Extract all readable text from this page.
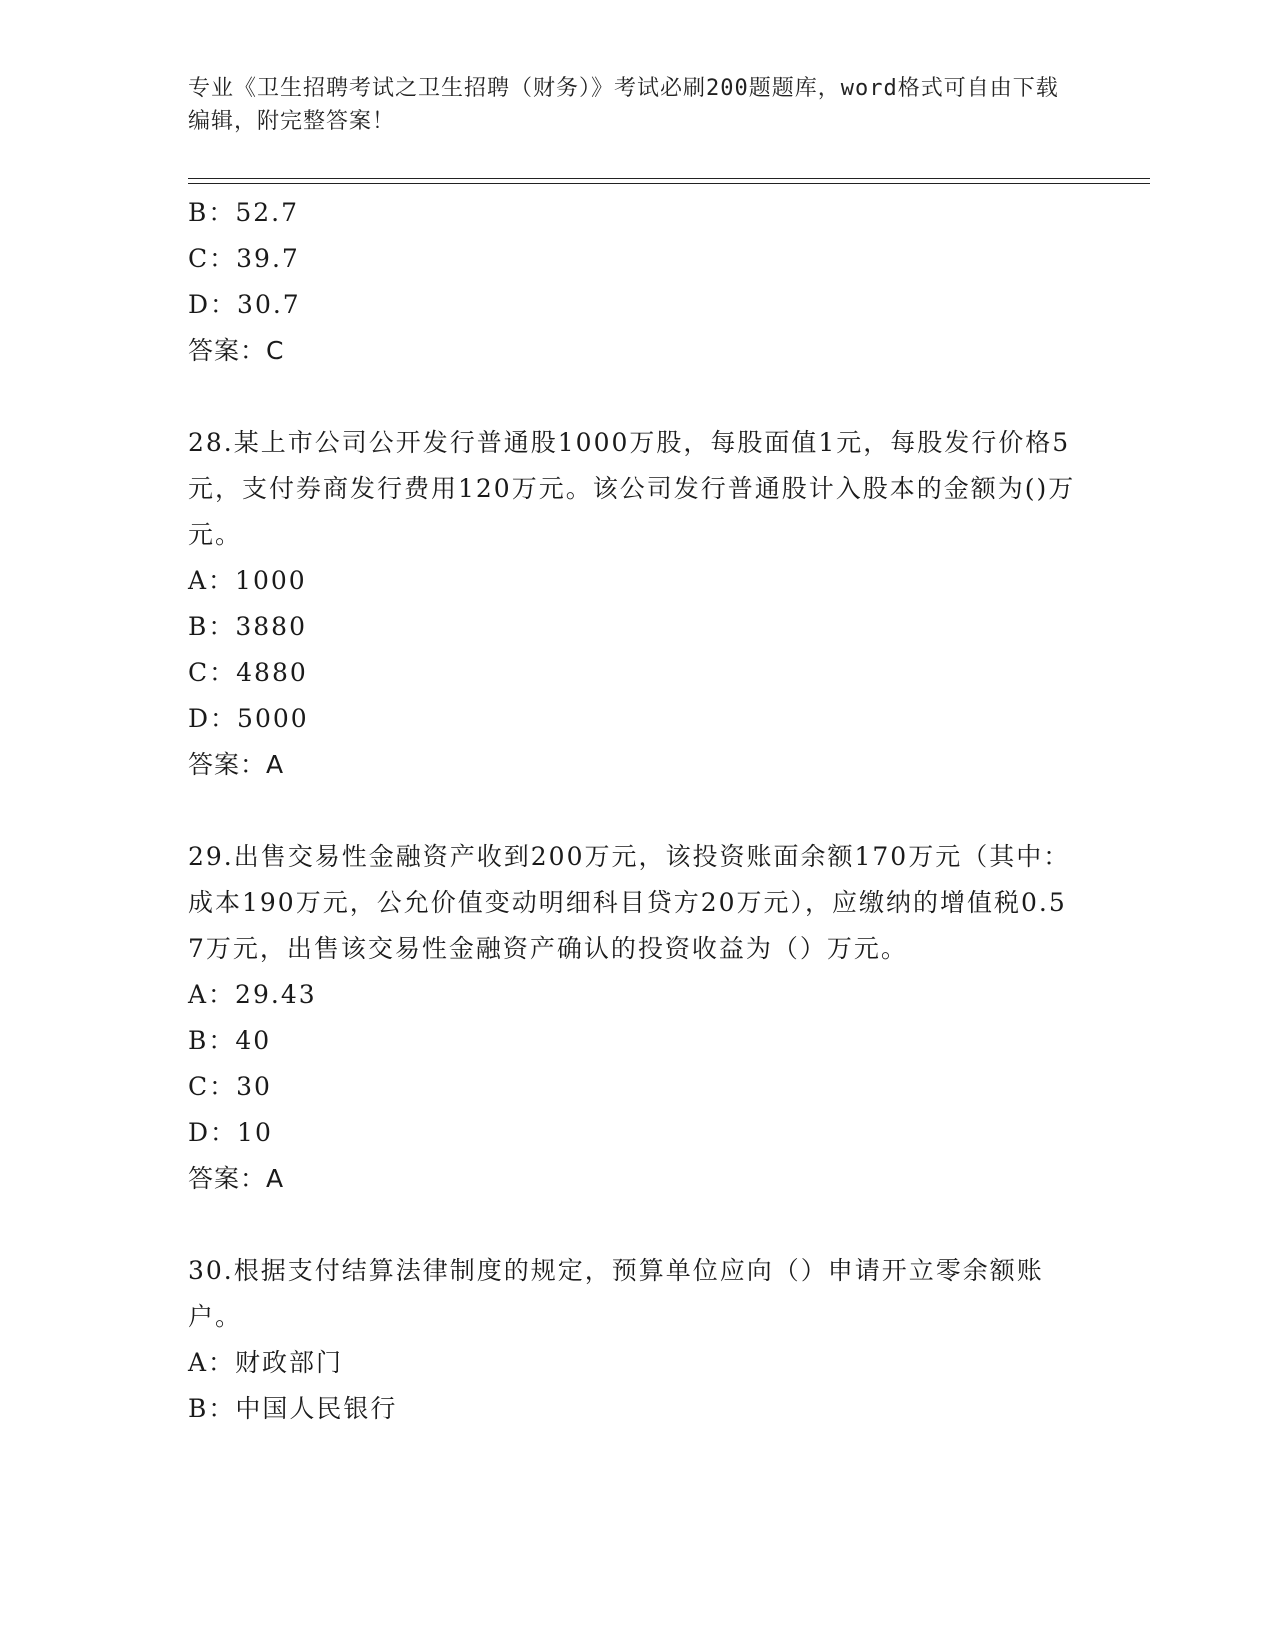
专业《卫生招聘考试之卫生招聘（财务）》考试必刷200题题库，word格式可自由下载编辑，附完整答案！
B：52.7
C：39.7
D：30.7
答案：C
28.某上市公司公开发行普通股1000万股，每股面值1元，每股发行价格5元，支付券商发行费用120万元。该公司发行普通股计入股本的金额为()万元。
A：1000
B：3880
C：4880
D：5000
答案：A
29.出售交易性金融资产收到200万元，该投资账面余额170万元（其中：成本190万元，公允价值变动明细科目贷方20万元），应缴纳的增值税0.57万元，出售该交易性金融资产确认的投资收益为（）万元。
A：29.43
B：40
C：30
D：10
答案：A
30.根据支付结算法律制度的规定，预算单位应向（）申请开立零余额账户。
A：财政部门
B：中国人民银行
